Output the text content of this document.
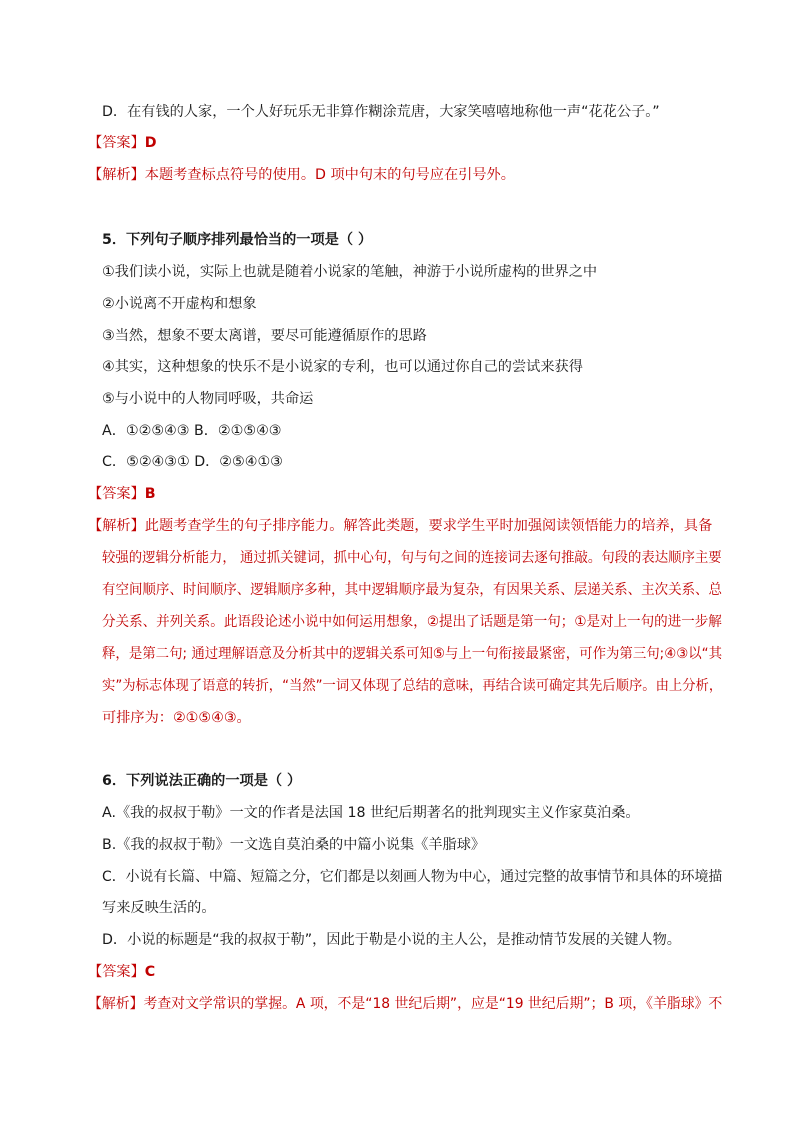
D．在有钱的人家，一个人好玩乐无非算作糊涂荒唐，大家笑嘻嘻地称他一声“花花公子。”
【答案】D
【解析】本题考查标点符号的使用。D 项中句末的句号应在引号外。
5．下列句子顺序排列最恰当的一项是（ ）
①我们读小说，实际上也就是随着小说家的笔触，神游于小说所虚构的世界之中
②小说离不开虚构和想象
③当然，想象不要太离谱，要尽可能遵循原作的思路
④其实，这种想象的快乐不是小说家的专利，也可以通过你自己的尝试来获得
⑤与小说中的人物同呼吸，共命运
A．①②⑤④③ B．②①⑤④③
C．⑤②④③① D．②⑤④①③
【答案】B
【解析】此题考查学生的句子排序能力。解答此类题，要求学生平时加强阅读领悟能力的培养，具备
较强的逻辑分析能力， 通过抓关键词，抓中心句，句与句之间的连接词去逐句推敲。句段的表达顺序主要
有空间顺序、时间顺序、逻辑顺序多种，其中逻辑顺序最为复杂，有因果关系、层递关系、主次关系、总
分关系、并列关系。此语段论述小说中如何运用想象，②提出了话题是第一句；①是对上一句的进一步解
释，是第二句; 通过理解语意及分析其中的逻辑关系可知⑤与上一句衔接最紧密，可作为第三句;④③以“其
实”为标志体现了语意的转折，“当然”一词又体现了总结的意味，再结合读可确定其先后顺序。由上分析，
可排序为：②①⑤④③。
6．下列说法正确的一项是（ ）
A.《我的叔叔于勒》一文的作者是法国 18 世纪后期著名的批判现实主义作家莫泊桑。
B.《我的叔叔于勒》一文选自莫泊桑的中篇小说集《羊脂球》
C．小说有长篇、中篇、短篇之分，它们都是以刻画人物为中心，通过完整的故事情节和具体的环境描
写来反映生活的。
D．小说的标题是“我的叔叔于勒”，因此于勒是小说的主人公，是推动情节发展的关键人物。
【答案】C
【解析】考查对文学常识的掌握。A 项，不是“18 世纪后期”，应是“19 世纪后期”；B 项，《羊脂球》不
